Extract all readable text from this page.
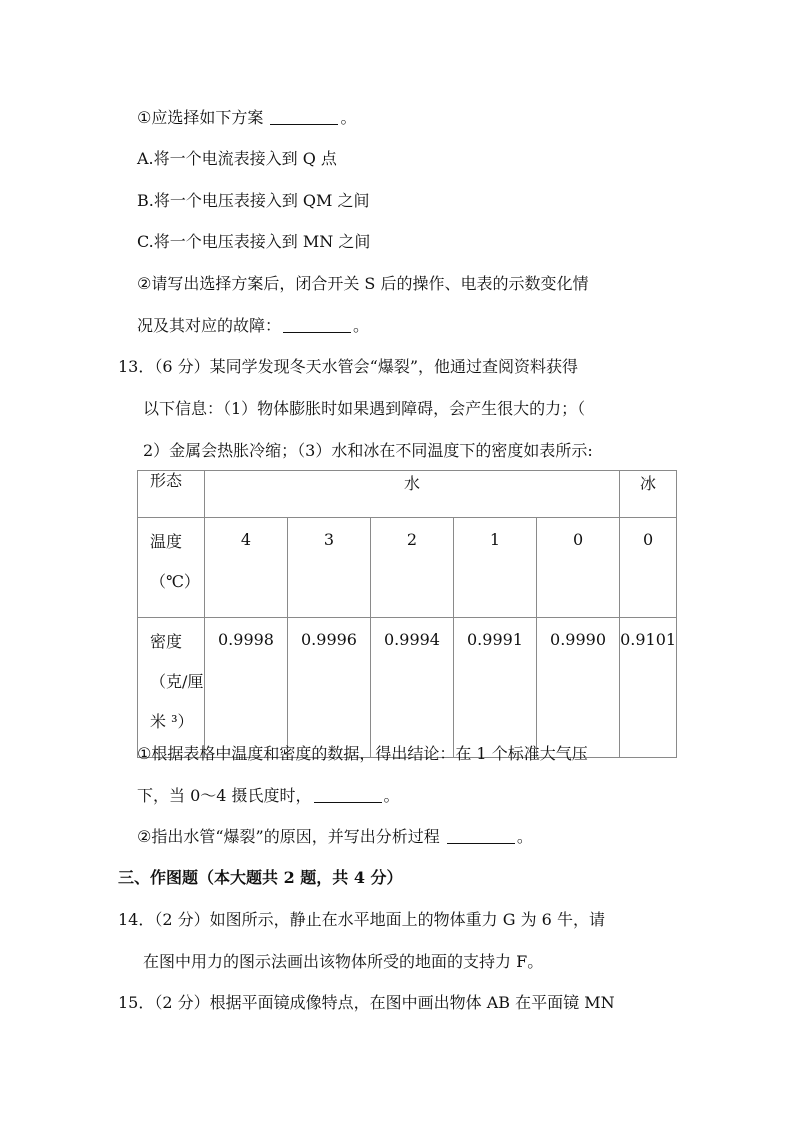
①应选择如下方案	。
A.将一个电流表接入到 Q 点
B.将一个电压表接入到 QM 之间
C.将一个电压表接入到 MN 之间
②请写出选择方案后，闭合开关 S 后的操作、电表的示数变化情
况及其对应的故障：	。
13．（6 分）某同学发现冬天水管会“爆裂”，他通过查阅资料获得
以下信息：（1）物体膨胀时如果遇到障碍，会产生很大的力；（
2）金属会热胀冷缩；（3）水和冰在不同温度下的密度如表所示:
形态	水					冰

温度
（℃）	4	3	2	1	0	0

密度
（克/厘
米 ³）	0.9998	0.9996	0.9994	0.9991	0.9990	0.9101
①根据表格中温度和密度的数据，得出结论：在 1 个标准大气压
下，当 0～4 摄氏度时，	。
②指出水管“爆裂”的原因，并写出分析过程	。
三、作图题（本大题共 2 题，共 4 分）
14．（2 分）如图所示，静止在水平地面上的物体重力 G 为 6 牛，请
在图中用力的图示法画出该物体所受的地面的支持力 F。
15．（2 分）根据平面镜成像特点，在图中画出物体 AB 在平面镜 MN
